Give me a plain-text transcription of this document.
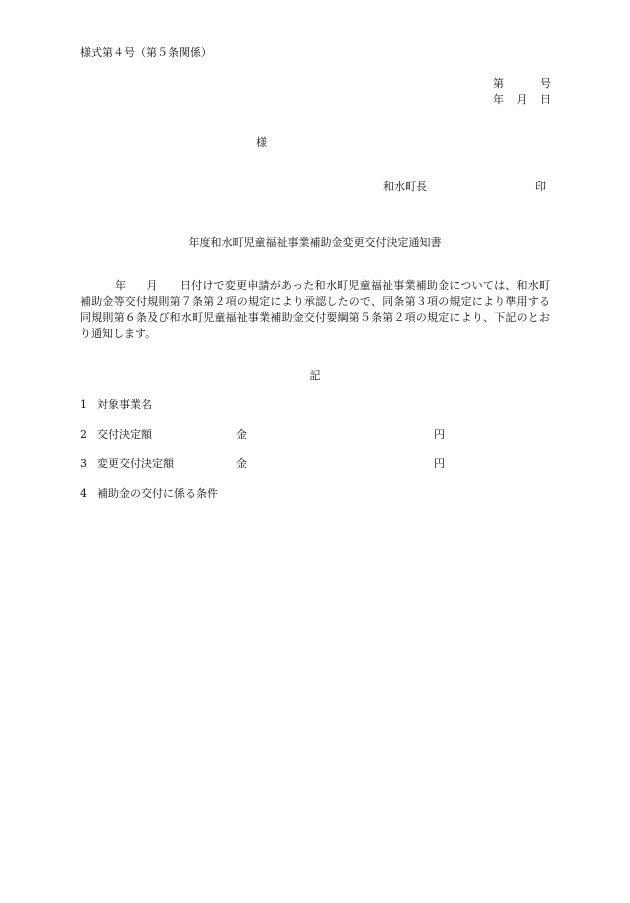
様式第４号（第５条関係）
第　　号
年　月　日
様
和水町長	印
年度和水町児童福祉事業補助金変更交付決定通知書
年 月 日付けで変更申請があった和水町児童福祉事業補助金については、和水町補助金等交付規則第７条第２項の規定により承認したので、同条第３項の規定により準用する同規則第６条及び和水町児童福祉事業補助金交付要綱第５条第２項の規定により、下記のとおり通知します。
記
1 対象事業名
2 交付決定額	金	円
3 変更交付決定額	金	円
4 補助金の交付に係る条件
